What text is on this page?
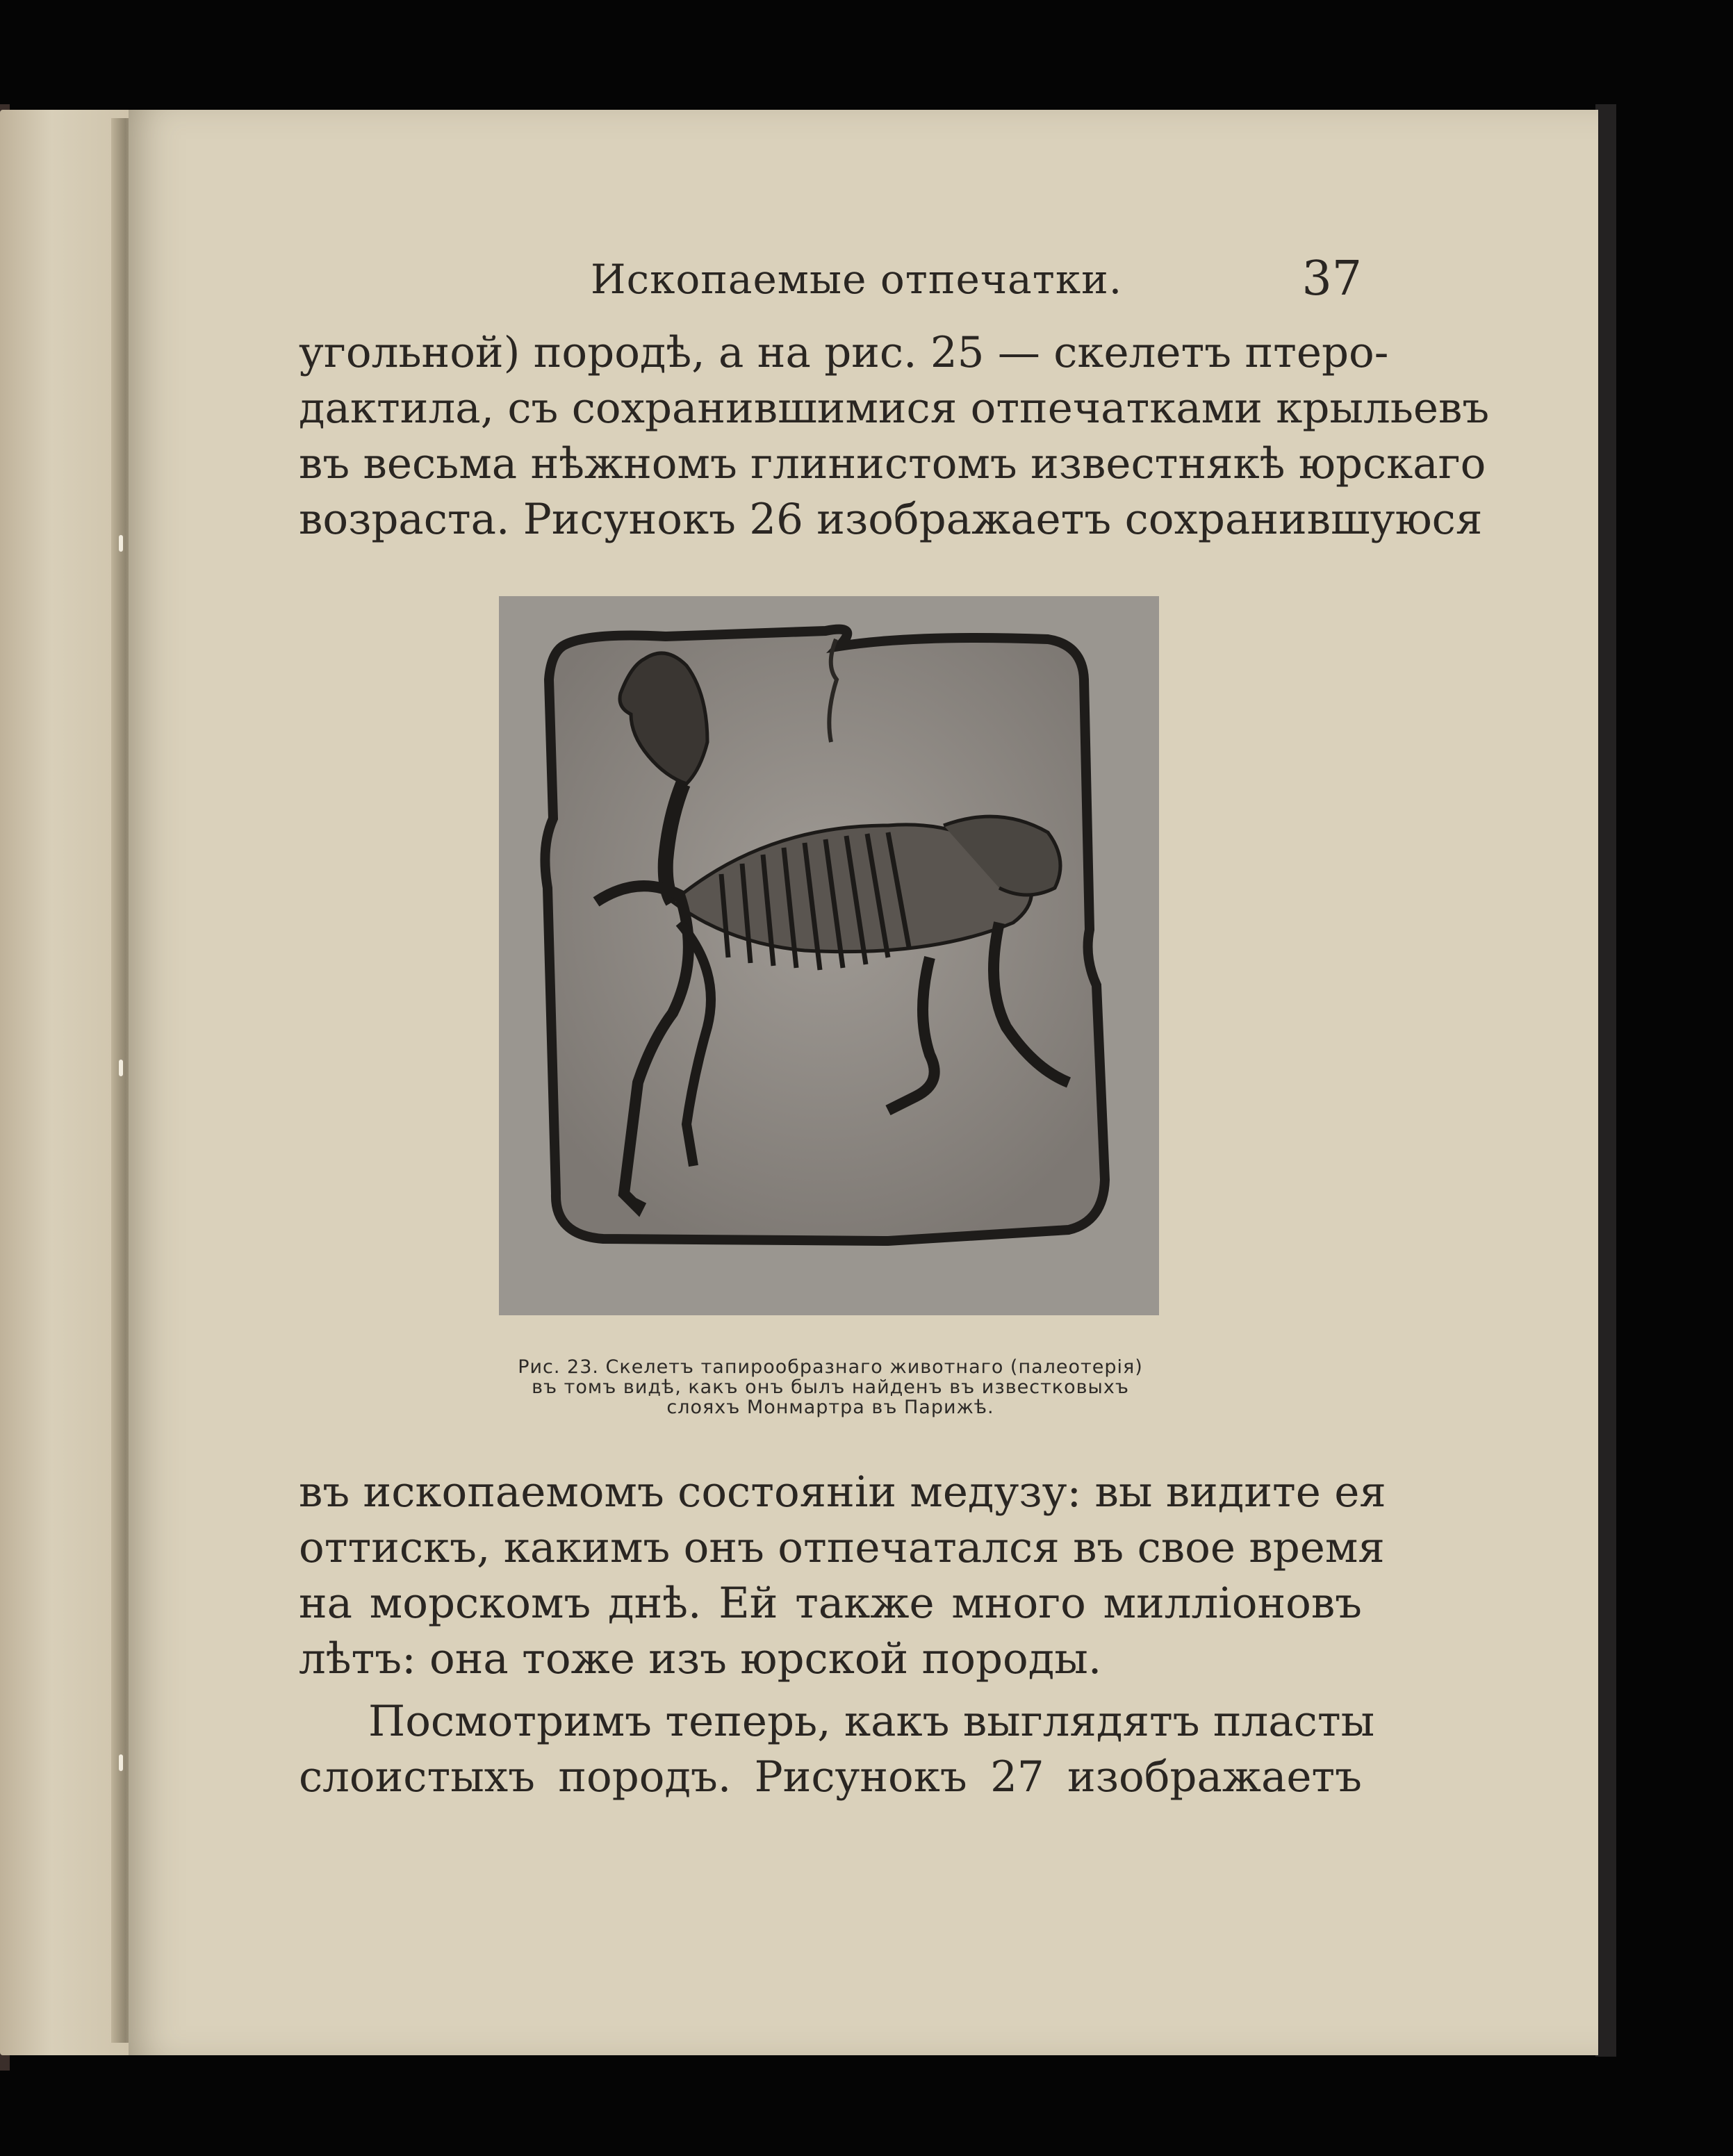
Ископаемые отпечатки.	37
угольной) породѣ, а на рис. 25 — скелетъ птеро-
дактила, съ сохранившимися отпечатками крыльевъ
въ весьма нѣжномъ глинистомъ известнякѣ юрскаго
возраста. Рисунокъ 26 изображаетъ сохранившуюся
Рис. 23. Скелетъ тапирообразнаго животнаго (палеотерія)
въ томъ видѣ, какъ онъ былъ найденъ въ известковыхъ
слояхъ Монмартра въ Парижѣ.
въ ископаемомъ состояніи медузу: вы видите ея
оттискъ, какимъ онъ отпечатался въ свое время
на морскомъ днѣ. Ей также много милліоновъ
лѣтъ: она тоже изъ юрской породы.
Посмотримъ теперь, какъ выглядятъ пласты
слоистыхъ породъ. Рисунокъ 27 изображаетъ
